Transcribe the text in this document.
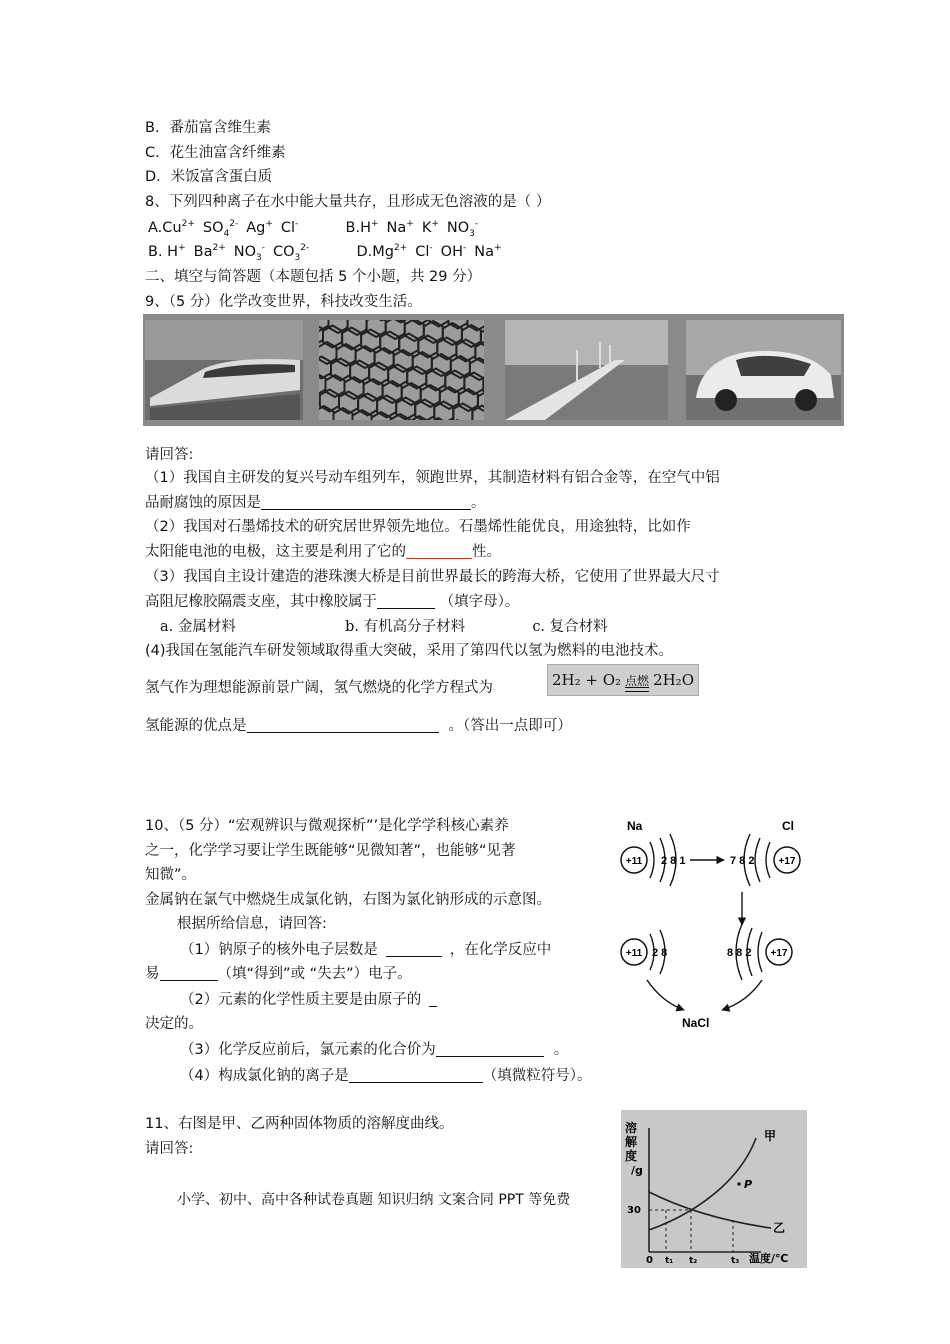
B．番茄富含维生素
C．花生油富含纤维素
D．米饭富含蛋白质
8、下列四种离子在水中能大量共存，且形成无色溶液的是（ ）
$A.Cu^{2+}$ $SO_4^{2-}$ Ag+ Cl-	B.H+ Na+ K+ $NO_3^-$
B. H+ $Ba^{2+}$ $NO_3^-$ $CO_3^{2-}$	$D.Mg^{2+}$ Cl- OH- Na+
二、填空与简答题（本题包括 5 个小题，共 29 分）
9、（5 分）化学改变世界，科技改变生活。
请回答:
（1）我国自主研发的复兴号动车组列车，领跑世界，其制造材料有铝合金等，在空气中铝
品耐腐蚀的原因是	。
（2）我国对石墨烯技术的研究居世界领先地位。石墨烯性能优良，用途独特，比如作
太阳能电池的电极，这主要是利用了它的	性。
（3）我国自主设计建造的港珠澳大桥是目前世界最长的跨海大桥，它使用了世界最大尺寸
高阻尼橡胶隔震支座，其中橡胶属于	（填字母）。
a. 金属材料	b. 有机高分子材料	c. 复合材料
(4)我国在氢能汽车研发领域取得重大突破，采用了第四代以氢为燃料的电池技术。
氢气作为理想能源前景广阔，氢气燃烧的化学方程式为	2H₂ + O₂ 点燃 2H₂O
氢能源的优点是	。（答出一点即可）
10、（5 分）“宏观辨识与微观探析”’是化学学科核心素养
之一，化学学习要让学生既能够“见微知著”，也能够“见著
知微”。
金属钠在氯气中燃烧生成氯化钠，右图为氯化钠形成的示意图。
根据所给信息，请回答:
（1）钠原子的核外电子层数是	，在化学反应中
易	（填“得到”或 “失去”）电子。
（2）元素的化学性质主要是由原子的
决定的。
（3）化学反应前后，氯元素的化合价为	。
（4）构成氯化钠的离子是	（填微粒符号）。
Na	Cl
+11 2 8 1	7 8 2 +17
+11 2 8	8 8 2 +17
NaCl
11、右图是甲、乙两种固体物质的溶解度曲线。
请回答:
小学、初中、高中各种试卷真题 知识归纳 文案合同 PPT 等免费
溶
解
度
/g
温度/℃
0
30
t₁ t₂	t₃
甲
乙
P
